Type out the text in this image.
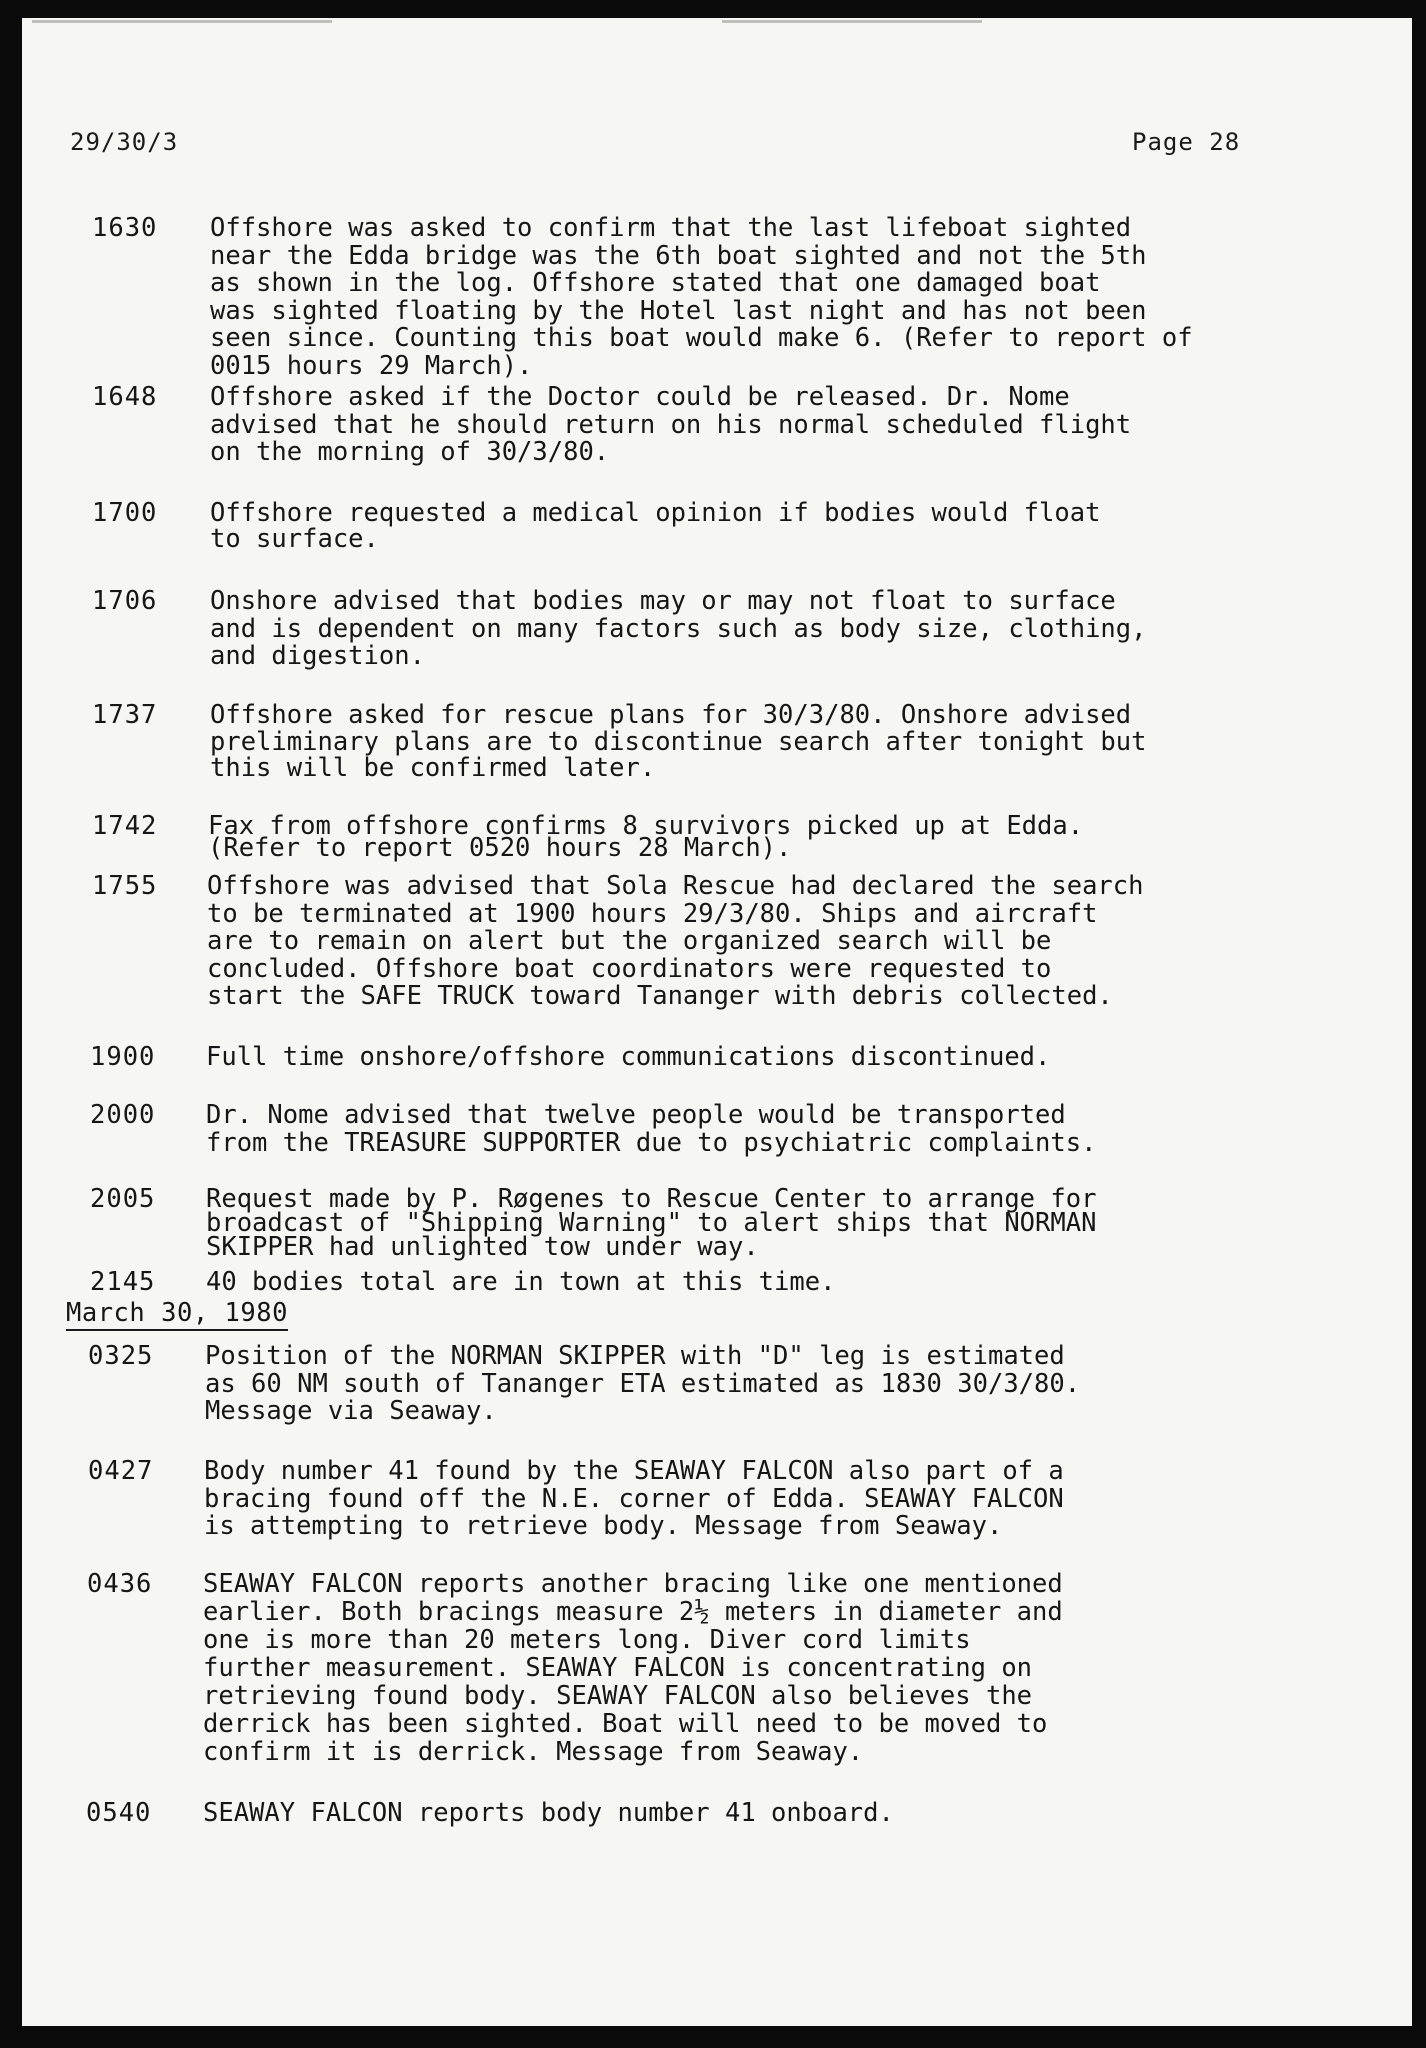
29/30/3	Page 28
1630	Offshore was asked to confirm that the last lifeboat sighted
near the Edda bridge was the 6th boat sighted and not the 5th
as shown in the log. Offshore stated that one damaged boat
was sighted floating by the Hotel last night and has not been
seen since. Counting this boat would make 6. (Refer to report of
0015 hours 29 March).
1648	Offshore asked if the Doctor could be released. Dr. Nome
advised that he should return on his normal scheduled flight
on the morning of 30/3/80.
1700	Offshore requested a medical opinion if bodies would float
to surface.
1706	Onshore advised that bodies may or may not float to surface
and is dependent on many factors such as body size, clothing,
and digestion.
1737	Offshore asked for rescue plans for 30/3/80. Onshore advised
preliminary plans are to discontinue search after tonight but
this will be confirmed later.
1742	Fax from offshore confirms 8 survivors picked up at Edda.
(Refer to report 0520 hours 28 March).
1755	Offshore was advised that Sola Rescue had declared the search
to be terminated at 1900 hours 29/3/80. Ships and aircraft
are to remain on alert but the organized search will be
concluded. Offshore boat coordinators were requested to
start the SAFE TRUCK toward Tananger with debris collected.
1900	Full time onshore/offshore communications discontinued.
2000	Dr. Nome advised that twelve people would be transported
from the TREASURE SUPPORTER due to psychiatric complaints.
2005	Request made by P. Røgenes to Rescue Center to arrange for
broadcast of "Shipping Warning" to alert ships that NORMAN
SKIPPER had unlighted tow under way.
2145	40 bodies total are in town at this time.
March 30, 1980
0325	Position of the NORMAN SKIPPER with "D" leg is estimated
as 60 NM south of Tananger ETA estimated as 1830 30/3/80.
Message via Seaway.
0427	Body number 41 found by the SEAWAY FALCON also part of a
bracing found off the N.E. corner of Edda. SEAWAY FALCON
is attempting to retrieve body. Message from Seaway.
0436	SEAWAY FALCON reports another bracing like one mentioned
earlier. Both bracings measure 2½ meters in diameter and
one is more than 20 meters long. Diver cord limits
further measurement. SEAWAY FALCON is concentrating on
retrieving found body. SEAWAY FALCON also believes the
derrick has been sighted. Boat will need to be moved to
confirm it is derrick. Message from Seaway.
0540	SEAWAY FALCON reports body number 41 onboard.
